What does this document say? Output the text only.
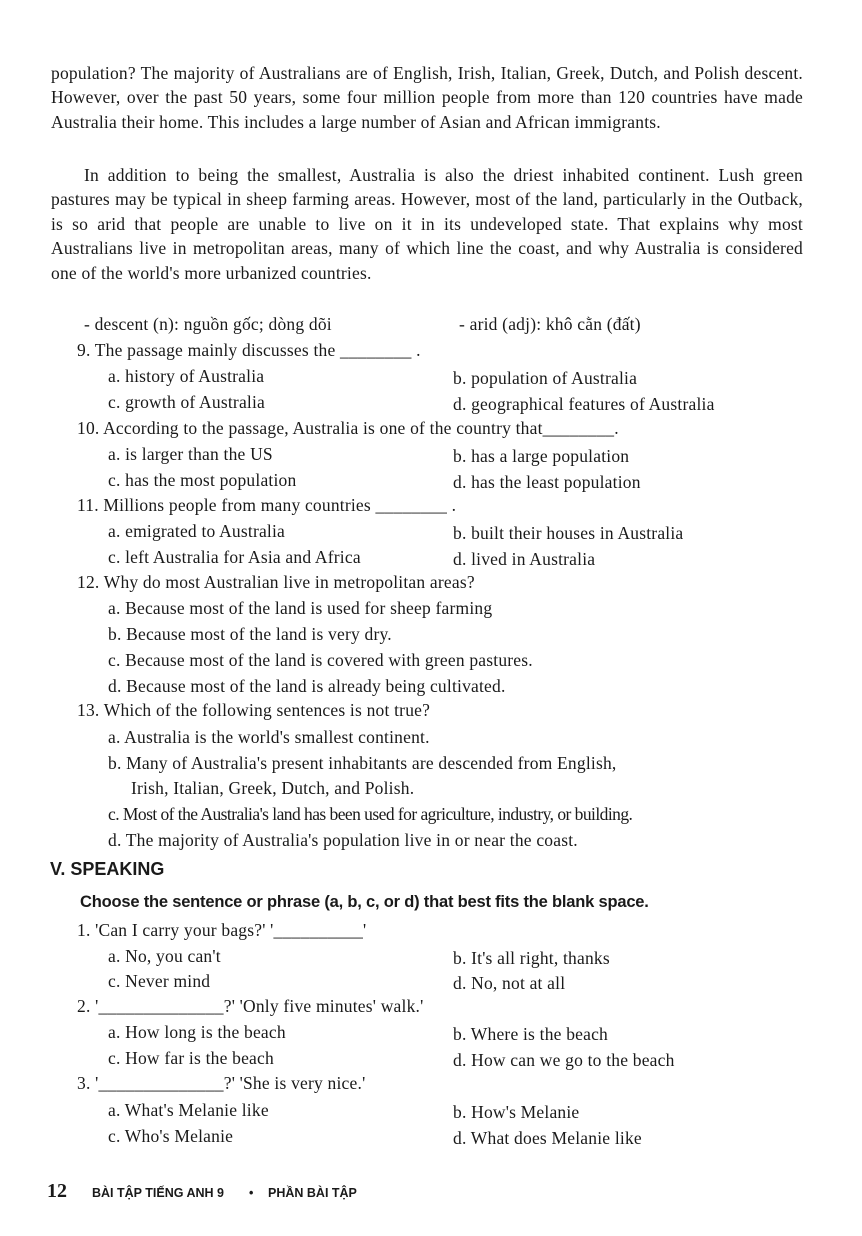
population? The majority of Australians are of English, Irish, Italian, Greek, Dutch, and Polish descent. However, over the past 50 years, some four million people from more than 120 countries have made Australia their home. This includes a large number of Asian and African immigrants.
In addition to being the smallest, Australia is also the driest inhabited continent. Lush green pastures may be typical in sheep farming areas. However, most of the land, particularly in the Outback, is so arid that people are unable to live on it in its undeveloped state. That explains why most Australians live in metropolitan areas, many of which line the coast, and why Australia is considered one of the world's more urbanized countries.
- descent (n): nguồn gốc; dòng dõi	- arid (adj): khô cằn (đất)
9. The passage mainly discusses the ________ .
a. history of Australia	b. population of Australia
c. growth of Australia	d. geographical features of Australia
10. According to the passage, Australia is one of the country that________.
a. is larger than the US	b. has a large population
c. has the most population	d. has the least population
11. Millions people from many countries ________ .
a. emigrated to Australia	b. built their houses in Australia
c. left Australia for Asia and Africa	d. lived in Australia
12. Why do most Australian live in metropolitan areas?
a. Because most of the land is used for sheep farming
b. Because most of the land is very dry.
c. Because most of the land is covered with green pastures.
d. Because most of the land is already being cultivated.
13. Which of the following sentences is not true?
a. Australia is the world's smallest continent.
b. Many of Australia's present inhabitants are descended from English,
Irish, Italian, Greek, Dutch, and Polish.
c. Most of the Australia's land has been used for agriculture, industry, or building.
d. The majority of Australia's population live in or near the coast.
V. SPEAKING
Choose the sentence or phrase (a, b, c, or d) that best fits the blank space.
1. 'Can I carry your bags?' '__________'
a. No, you can't	b. It's all right, thanks
c. Never mind	d. No, not at all
2. '______________?' 'Only five minutes' walk.'
a. How long is the beach	b. Where is the beach
c. How far is the beach	d. How can we go to the beach
3. '______________?' 'She is very nice.'
a. What's Melanie like	b. How's Melanie
c. Who's Melanie	d. What does Melanie like
12 BÀI TẬP TIẾNG ANH 9 • PHẦN BÀI TẬP
